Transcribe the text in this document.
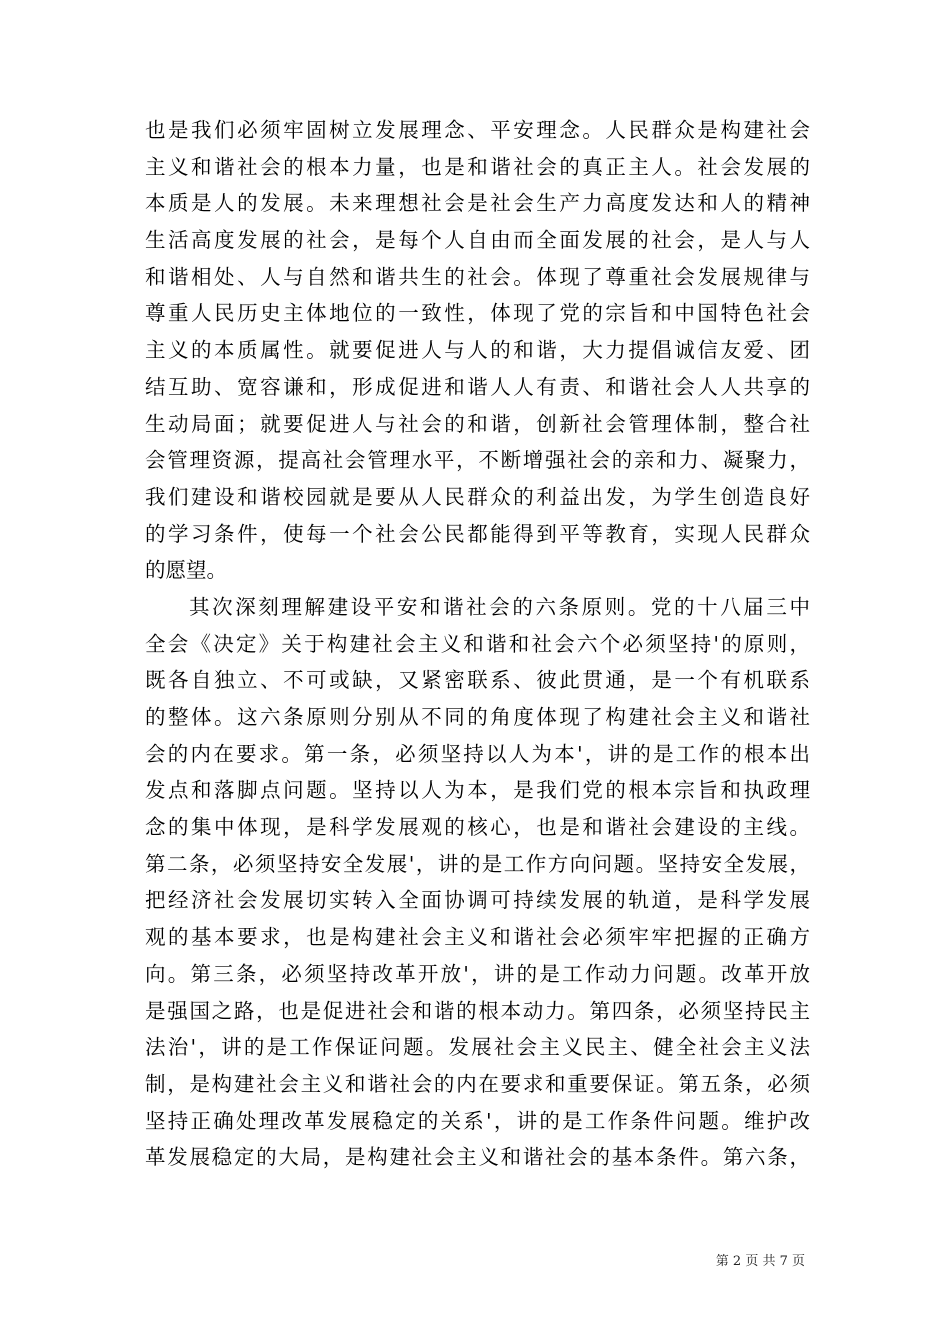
也是我们必须牢固树立发展理念、平安理念。人民群众是构建社会
主义和谐社会的根本力量，也是和谐社会的真正主人。社会发展的
本质是人的发展。未来理想社会是社会生产力高度发达和人的精神
生活高度发展的社会，是每个人自由而全面发展的社会，是人与人
和谐相处、人与自然和谐共生的社会。体现了尊重社会发展规律与
尊重人民历史主体地位的一致性，体现了党的宗旨和中国特色社会
主义的本质属性。就要促进人与人的和谐，大力提倡诚信友爱、团
结互助、宽容谦和，形成促进和谐人人有责、和谐社会人人共享的
生动局面；就要促进人与社会的和谐，创新社会管理体制，整合社
会管理资源，提高社会管理水平，不断增强社会的亲和力、凝聚力，
我们建设和谐校园就是要从人民群众的利益出发，为学生创造良好
的学习条件，使每一个社会公民都能得到平等教育，实现人民群众
的愿望。
其次深刻理解建设平安和谐社会的六条原则。党的十八届三中
全会《决定》关于构建社会主义和谐和社会六个必须坚持'的原则，
既各自独立、不可或缺，又紧密联系、彼此贯通，是一个有机联系
的整体。这六条原则分别从不同的角度体现了构建社会主义和谐社
会的内在要求。第一条，必须坚持以人为本'，讲的是工作的根本出
发点和落脚点问题。坚持以人为本，是我们党的根本宗旨和执政理
念的集中体现，是科学发展观的核心，也是和谐社会建设的主线。
第二条，必须坚持安全发展'，讲的是工作方向问题。坚持安全发展，
把经济社会发展切实转入全面协调可持续发展的轨道，是科学发展
观的基本要求，也是构建社会主义和谐社会必须牢牢把握的正确方
向。第三条，必须坚持改革开放'，讲的是工作动力问题。改革开放
是强国之路，也是促进社会和谐的根本动力。第四条，必须坚持民主
法治'，讲的是工作保证问题。发展社会主义民主、健全社会主义法
制，是构建社会主义和谐社会的内在要求和重要保证。第五条，必须
坚持正确处理改革发展稳定的关系'，讲的是工作条件问题。维护改
革发展稳定的大局，是构建社会主义和谐社会的基本条件。第六条，
第 2 页 共 7 页
